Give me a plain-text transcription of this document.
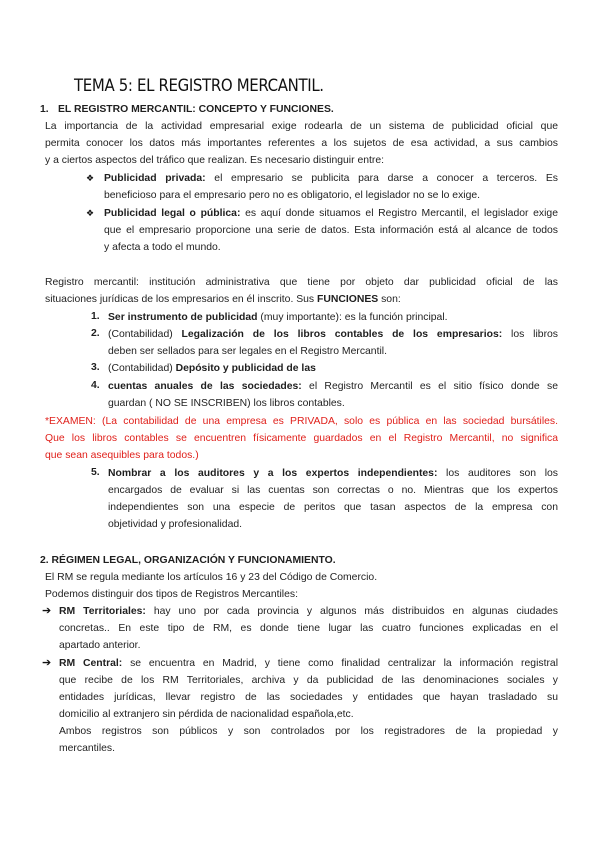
TEMA 5: EL REGISTRO MERCANTIL.
1. EL REGISTRO MERCANTIL: CONCEPTO Y FUNCIONES.
La importancia de la actividad empresarial exige rodearla de un sistema de publicidad oficial que
permita conocer los datos más importantes referentes a los sujetos de esa actividad, a sus cambios
y a ciertos aspectos del tráfico que realizan. Es necesario distinguir entre:
❖ Publicidad privada: el empresario se publicita para darse a conocer a terceros. Es
beneficioso para el empresario pero no es obligatorio, el legislador no se lo exige.
❖ Publicidad legal o pública: es aquí donde situamos el Registro Mercantil, el legislador exige
que el empresario proporcione una serie de datos. Esta información está al alcance de todos
y afecta a todo el mundo.
Registro mercantil: institución administrativa que tiene por objeto dar publicidad oficial de las
situaciones jurídicas de los empresarios en él inscrito. Sus FUNCIONES son:
1. Ser instrumento de publicidad (muy importante): es la función principal.
2. (Contabilidad) Legalización de los libros contables de los empresarios: los libros
deben ser sellados para ser legales en el Registro Mercantil.
3. (Contabilidad) Depósito y publicidad de las
4. cuentas anuales de las sociedades: el Registro Mercantil es el sitio físico donde se
guardan ( NO SE INSCRIBEN) los libros contables.
*EXAMEN: (La contabilidad de una empresa es PRIVADA, solo es pública en las sociedad bursátiles.
Que los libros contables se encuentren físicamente guardados en el Registro Mercantil, no significa
que sean asequibles para todos.)
5. Nombrar a los auditores y a los expertos independientes: los auditores son los
encargados de evaluar si las cuentas son correctas o no. Mientras que los expertos
independientes son una especie de peritos que tasan aspectos de la empresa con
objetividad y profesionalidad.
2. RÉGIMEN LEGAL, ORGANIZACIÓN Y FUNCIONAMIENTO.
El RM se regula mediante los artículos 16 y 23 del Código de Comercio.
Podemos distinguir dos tipos de Registros Mercantiles:
➔ RM Territoriales: hay uno por cada provincia y algunos más distribuidos en algunas ciudades
concretas.. En este tipo de RM, es donde tiene lugar las cuatro funciones explicadas en el
apartado anterior.
➔ RM Central: se encuentra en Madrid, y tiene como finalidad centralizar la información registral
que recibe de los RM Territoriales, archiva y da publicidad de las denominaciones sociales y
entidades jurídicas, llevar registro de las sociedades y entidades que hayan trasladado su
domicilio al extranjero sin pérdida de nacionalidad española,etc.
Ambos registros son públicos y son controlados por los registradores de la propiedad y
mercantiles.
